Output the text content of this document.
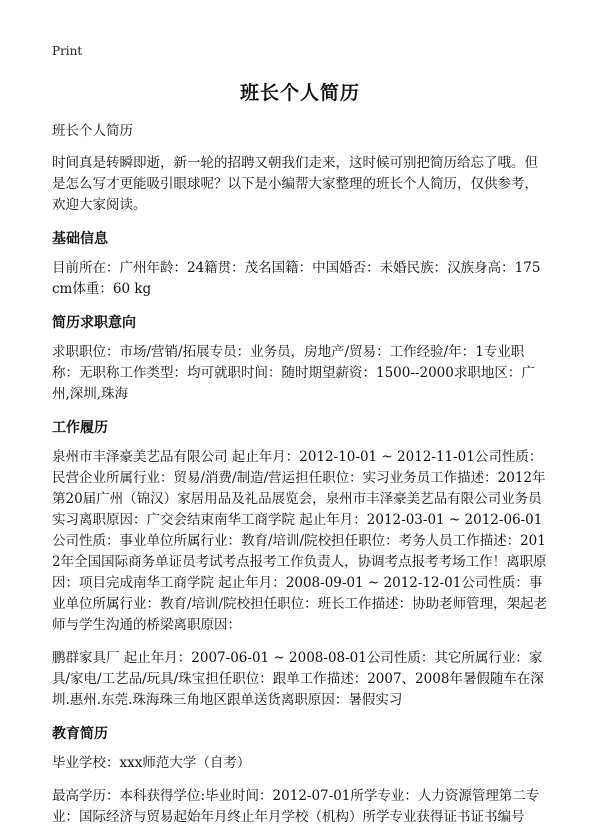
Print
班长个人简历
班长个人简历
时间真是转瞬即逝，新一轮的招聘又朝我们走来，这时候可别把简历给忘了哦。但是怎么写才更能吸引眼球呢？以下是小编帮大家整理的班长个人简历，仅供参考，欢迎大家阅读。
基础信息
目前所在：广州年龄：24籍贯：茂名国籍：中国婚否：未婚民族：汉族身高：175 cm体重：60 kg
简历求职意向
求职职位：市场/营销/拓展专员：业务员，房地产/贸易：工作经验/年：1专业职称：无职称工作类型：均可就职时间：随时期望薪资：1500--2000求职地区：广州,深圳,珠海
工作履历
泉州市丰泽豪美艺品有限公司 起止年月：2012-10-01 ~ 2012-11-01公司性质：民营企业所属行业：贸易/消费/制造/营运担任职位：实习业务员工作描述：2012年第20届广州（锦汉）家居用品及礼品展览会，泉州市丰泽豪美艺品有限公司业务员实习离职原因：广交会结束南华工商学院 起止年月：2012-03-01 ~ 2012-06-01公司性质：事业单位所属行业：教育/培训/院校担任职位：考务人员工作描述：2012年全国国际商务单证员考试考点报考工作负责人，协调考点报考考场工作！离职原因：项目完成南华工商学院 起止年月：2008-09-01 ~ 2012-12-01公司性质：事业单位所属行业：教育/培训/院校担任职位：班长工作描述：协助老师管理，架起老师与学生沟通的桥梁离职原因：
鹏群家具厂 起止年月：2007-06-01 ~ 2008-08-01公司性质：其它所属行业：家具/家电/工艺品/玩具/珠宝担任职位：跟单工作描述：2007、2008年暑假随车在深圳.惠州.东莞.珠海珠三角地区跟单送货离职原因：暑假实习
教育简历
毕业学校：xxx师范大学（自考）
最高学历：本科获得学位:毕业时间：2012-07-01所学专业：人力资源管理第二专业：国际经济与贸易起始年月终止年月学校（机构）所学专业获得证书证书编号
